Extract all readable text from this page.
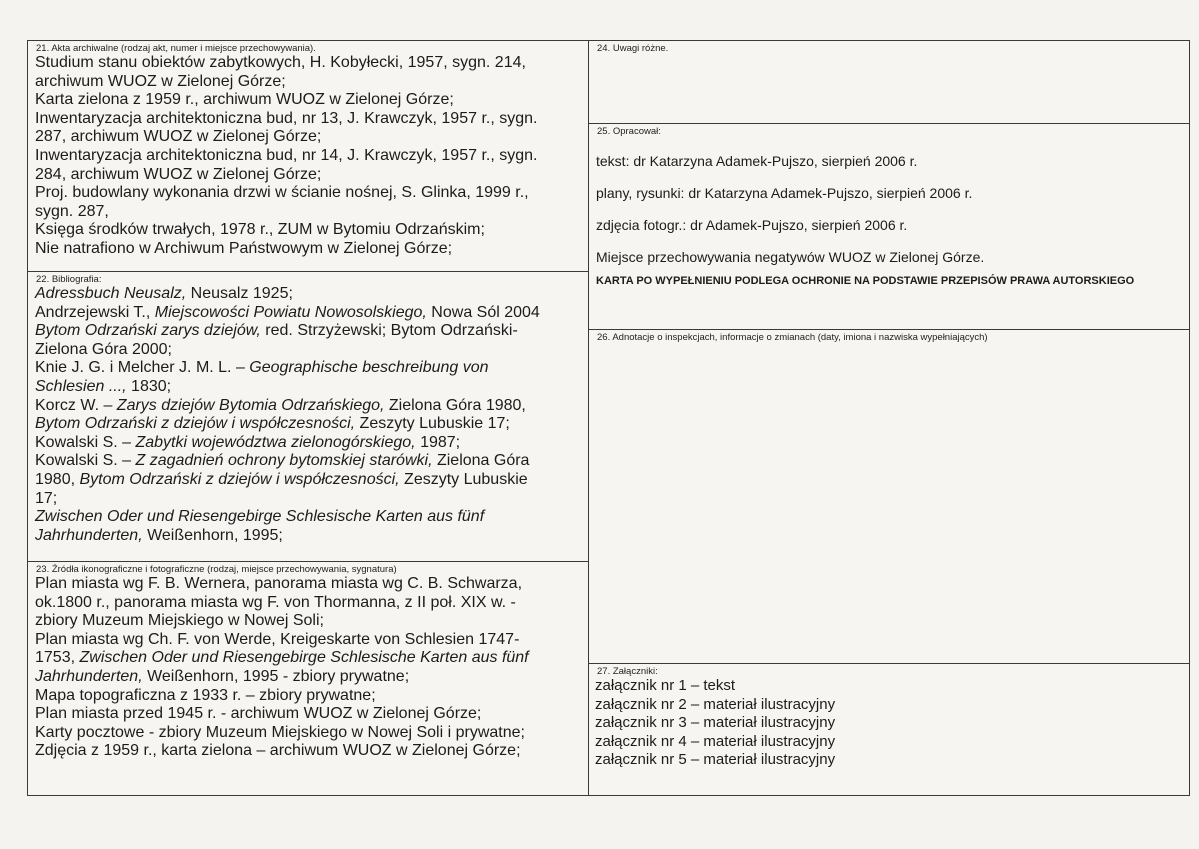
21. Akta archiwalne (rodzaj akt, numer i miejsce przechowywania).
Studium stanu obiektów zabytkowych, H. Kobyłecki, 1957, sygn. 214,
archiwum WUOZ w Zielonej Górze;
Karta zielona z 1959 r., archiwum WUOZ w Zielonej Górze;
Inwentaryzacja architektoniczna bud, nr 13, J. Krawczyk, 1957 r., sygn.
287, archiwum WUOZ w Zielonej Górze;
Inwentaryzacja architektoniczna bud, nr 14, J. Krawczyk, 1957 r., sygn.
284, archiwum WUOZ w Zielonej Górze;
Proj. budowlany wykonania drzwi w ścianie nośnej, S. Glinka, 1999 r.,
sygn. 287,
Księga środków trwałych, 1978 r., ZUM w Bytomiu Odrzańskim;
Nie natrafiono w Archiwum Państwowym w Zielonej Górze;
22. Bibliografia:
Adressbuch Neusalz, Neusalz 1925;
Andrzejewski T., Miejscowości Powiatu Nowosolskiego, Nowa Sól 2004
Bytom Odrzański zarys dziejów, red. Strzyżewski; Bytom Odrzański-
Zielona Góra 2000;
Knie J. G. i Melcher J. M. L. – Geographische beschreibung von
Schlesien ..., 1830;
Korcz W. – Zarys dziejów Bytomia Odrzańskiego, Zielona Góra 1980,
Bytom Odrzański z dziejów i współczesności, Zeszyty Lubuskie 17;
Kowalski S. – Zabytki województwa zielonogórskiego, 1987;
Kowalski S. – Z zagadnień ochrony bytomskiej starówki, Zielona Góra
1980, Bytom Odrzański z dziejów i współczesności, Zeszyty Lubuskie
17;
Zwischen Oder und Riesengebirge Schlesische Karten aus fünf
Jahrhunderten, Weißenhorn, 1995;
23. Źródła ikonograficzne i fotograficzne (rodzaj, miejsce przechowywania, sygnatura)
Plan miasta wg F. B. Wernera, panorama miasta wg C. B. Schwarza,
ok.1800 r., panorama miasta wg F. von Thormanna, z II poł. XIX w. -
zbiory Muzeum Miejskiego w Nowej Soli;
Plan miasta wg Ch. F. von Werde, Kreigeskarte von Schlesien 1747-
1753, Zwischen Oder und Riesengebirge Schlesische Karten aus fünf
Jahrhunderten, Weißenhorn, 1995 - zbiory prywatne;
Mapa topograficzna z 1933 r. – zbiory prywatne;
Plan miasta przed 1945 r. - archiwum WUOZ w Zielonej Górze;
Karty pocztowe - zbiory Muzeum Miejskiego w Nowej Soli i prywatne;
Zdjęcia z 1959 r., karta zielona – archiwum WUOZ w Zielonej Górze;
24. Uwagi różne.
25. Opracował:
tekst: dr Katarzyna Adamek-Pujszo, sierpień 2006 r.
plany, rysunki: dr Katarzyna Adamek-Pujszo, sierpień 2006 r.
zdjęcia fotogr.: dr Adamek-Pujszo, sierpień 2006 r.
Miejsce przechowywania negatywów WUOZ w Zielonej Górze.
KARTA PO WYPEŁNIENIU PODLEGA OCHRONIE NA PODSTAWIE PRZEPISÓW PRAWA AUTORSKIEGO
26. Adnotacje o inspekcjach, informacje o zmianach (daty, imiona i nazwiska wypełniających)
27. Załączniki:
załącznik nr 1 – tekst
załącznik nr 2 – materiał ilustracyjny
załącznik nr 3 – materiał ilustracyjny
załącznik nr 4 – materiał ilustracyjny
załącznik nr 5 – materiał ilustracyjny
